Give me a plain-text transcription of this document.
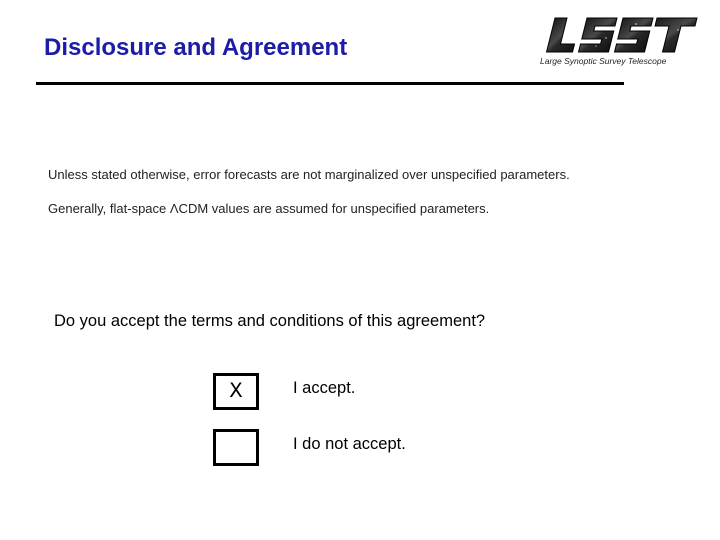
Disclosure and Agreement	Large Synoptic Survey Telescope
Unless stated otherwise, error forecasts are not marginalized over unspecified parameters.
Generally, flat-space ΛCDM values are assumed for unspecified parameters.
Do you accept the terms and conditions of this agreement?
X	I accept.
I do not accept.
